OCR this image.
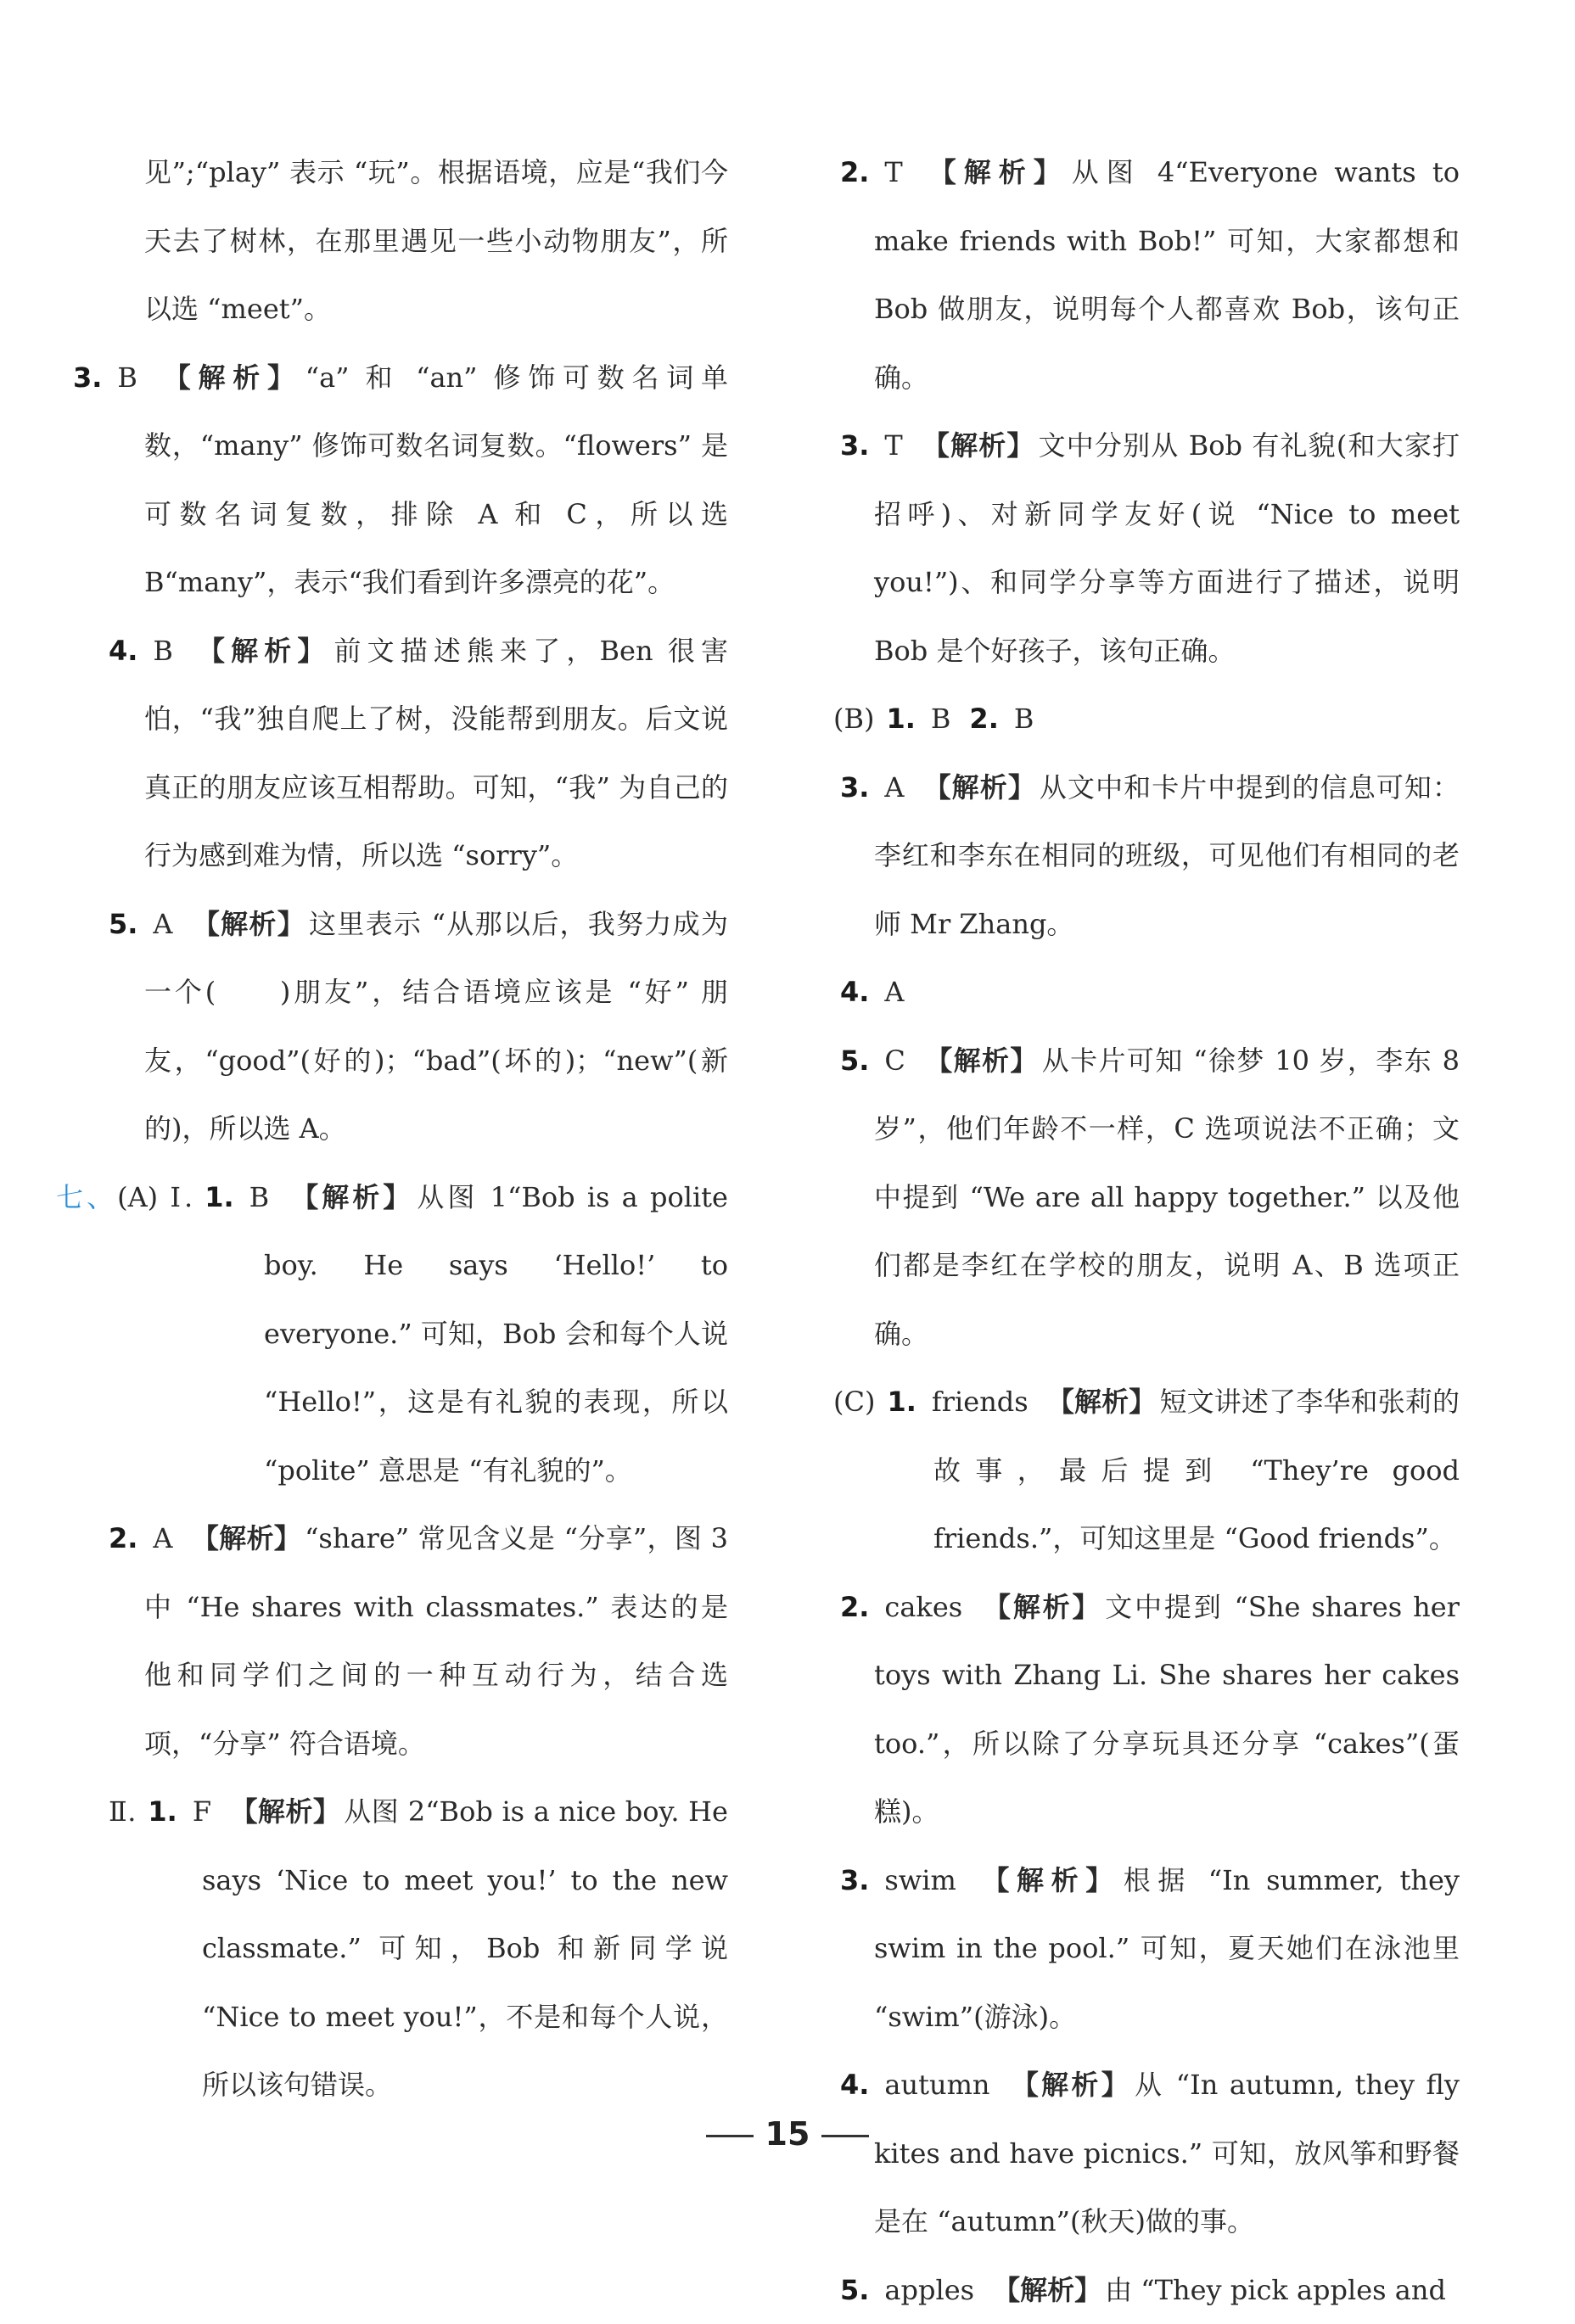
见”;“play” 表示 “玩”。根据语境，应是“我们今天去了树林，在那里遇见一些小动物朋友”，所以选 “meet”。

3. B 【解析】 “a” 和 “an” 修饰可数名词单数，“many” 修饰可数名词复数。“flowers” 是可数名词复数，排除 A 和 C，所以选 B“many”，表示“我们看到许多漂亮的花”。

4. B 【解析】 前文描述熊来了，Ben 很害怕，“我”独自爬上了树，没能帮到朋友。后文说真正的朋友应该互相帮助。可知，“我” 为自己的行为感到难为情，所以选 “sorry”。

5. A 【解析】 这里表示 “从那以后，我努力成为一个(　　)朋友”，结合语境应该是 “好” 朋友，“good”(好的)；“bad”(坏的)；“new”(新的)，所以选 A。

七、(A) Ⅰ. 1. B 【解析】 从图 1“Bob is a polite boy. He says ‘Hello!’ to everyone.” 可知，Bob 会和每个人说 “Hello!”，这是有礼貌的表现，所以 “polite” 意思是 “有礼貌的”。

2. A 【解析】 “share” 常见含义是 “分享”，图 3 中 “He shares with classmates.” 表达的是他和同学们之间的一种互动行为，结合选项，“分享” 符合语境。

Ⅱ. 1. F 【解析】 从图 2“Bob is a nice boy. He says ‘Nice to meet you!’ to the new classmate.” 可知，Bob 和新同学说 “Nice to meet you!”，不是和每个人说，所以该句错误。

2. T 【解析】 从图 4“Everyone wants to make friends with Bob!” 可知，大家都想和 Bob 做朋友，说明每个人都喜欢 Bob，该句正确。

3. T 【解析】 文中分别从 Bob 有礼貌(和大家打招呼)、对新同学友好(说 “Nice to meet you!”)、和同学分享等方面进行了描述，说明 Bob 是个好孩子，该句正确。

(B) 1. B 2. B

3. A 【解析】 从文中和卡片中提到的信息可知：李红和李东在相同的班级，可见他们有相同的老师 Mr Zhang。

4. A

5. C 【解析】 从卡片可知 “徐梦 10 岁，李东 8 岁”，他们年龄不一样，C 选项说法不正确；文中提到 “We are all happy together.” 以及他们都是李红在学校的朋友，说明 A、B 选项正确。

(C) 1. friends 【解析】 短文讲述了李华和张莉的故事，最后提到 “They’re good friends.”，可知这里是 “Good friends”。

2. cakes 【解析】 文中提到 “She shares her toys with Zhang Li. She shares her cakes too.”，所以除了分享玩具还分享 “cakes”(蛋糕)。

3. swim 【解析】 根据 “In summer, they swim in the pool.” 可知，夏天她们在泳池里 “swim”(游泳)。

4. autumn 【解析】 从 “In autumn, they fly kites and have picnics.” 可知，放风筝和野餐是在 “autumn”(秋天)做的事。

5. apples 【解析】 由 “They pick apples and

15
